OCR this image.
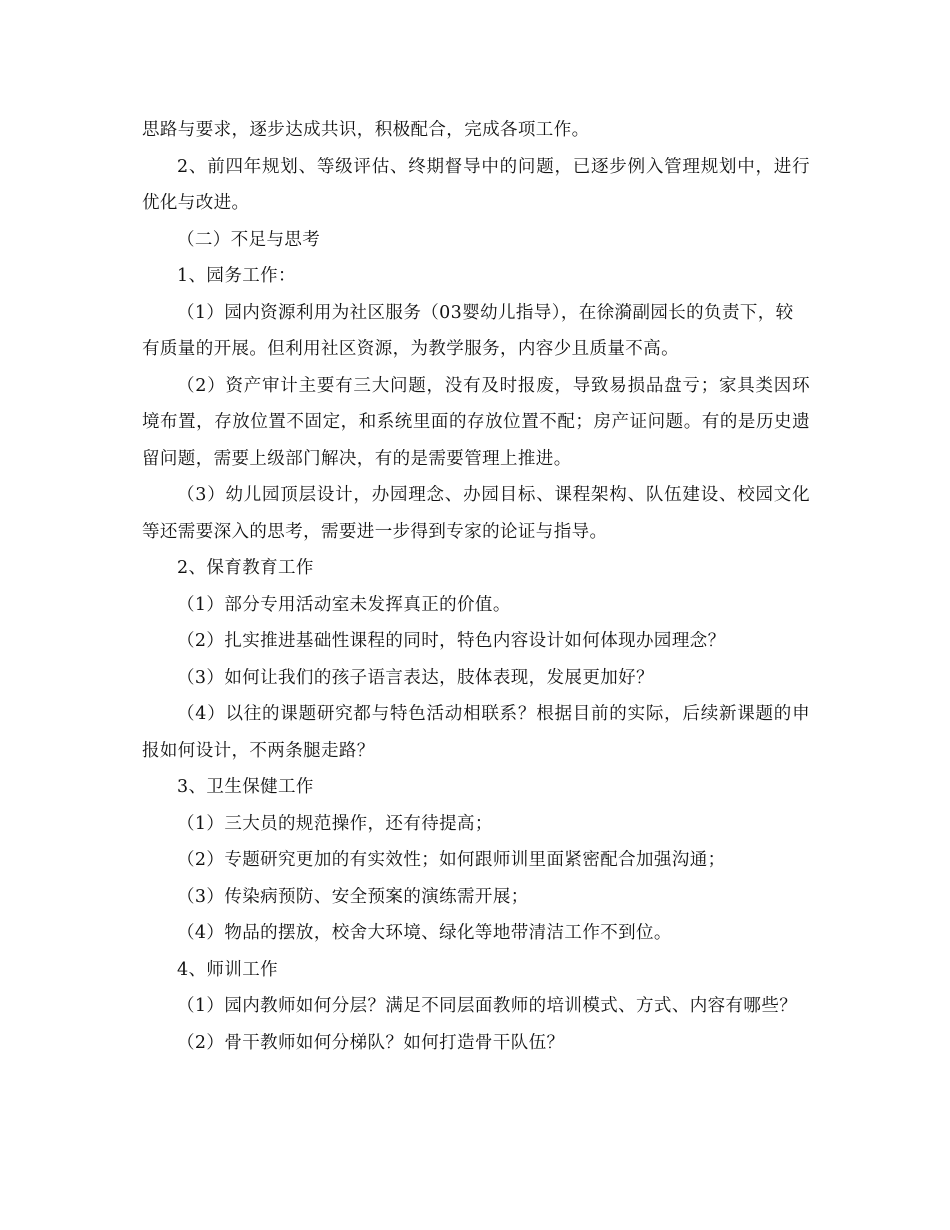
思路与要求，逐步达成共识，积极配合，完成各项工作。

2、前四年规划、等级评估、终期督导中的问题，已逐步例入管理规划中，进行优化与改进。

（二）不足与思考

1、园务工作：

（1）园内资源利用为社区服务（03婴幼儿指导），在徐漪副园长的负责下，较有质量的开展。但利用社区资源，为教学服务，内容少且质量不高。

（2）资产审计主要有三大问题，没有及时报废，导致易损品盘亏；家具类因环境布置，存放位置不固定，和系统里面的存放位置不配；房产证问题。有的是历史遗留问题，需要上级部门解决，有的是需要管理上推进。

（3）幼儿园顶层设计，办园理念、办园目标、课程架构、队伍建设、校园文化等还需要深入的思考，需要进一步得到专家的论证与指导。

2、保育教育工作

（1）部分专用活动室未发挥真正的价值。

（2）扎实推进基础性课程的同时，特色内容设计如何体现办园理念？

（3）如何让我们的孩子语言表达，肢体表现，发展更加好？

（4）以往的课题研究都与特色活动相联系？根据目前的实际，后续新课题的申报如何设计，不两条腿走路？

3、卫生保健工作

（1）三大员的规范操作，还有待提高；

（2）专题研究更加的有实效性；如何跟师训里面紧密配合加强沟通；

（3）传染病预防、安全预案的演练需开展；

（4）物品的摆放，校舍大环境、绿化等地带清洁工作不到位。

4、师训工作

（1）园内教师如何分层？满足不同层面教师的培训模式、方式、内容有哪些？

（2）骨干教师如何分梯队？如何打造骨干队伍？
